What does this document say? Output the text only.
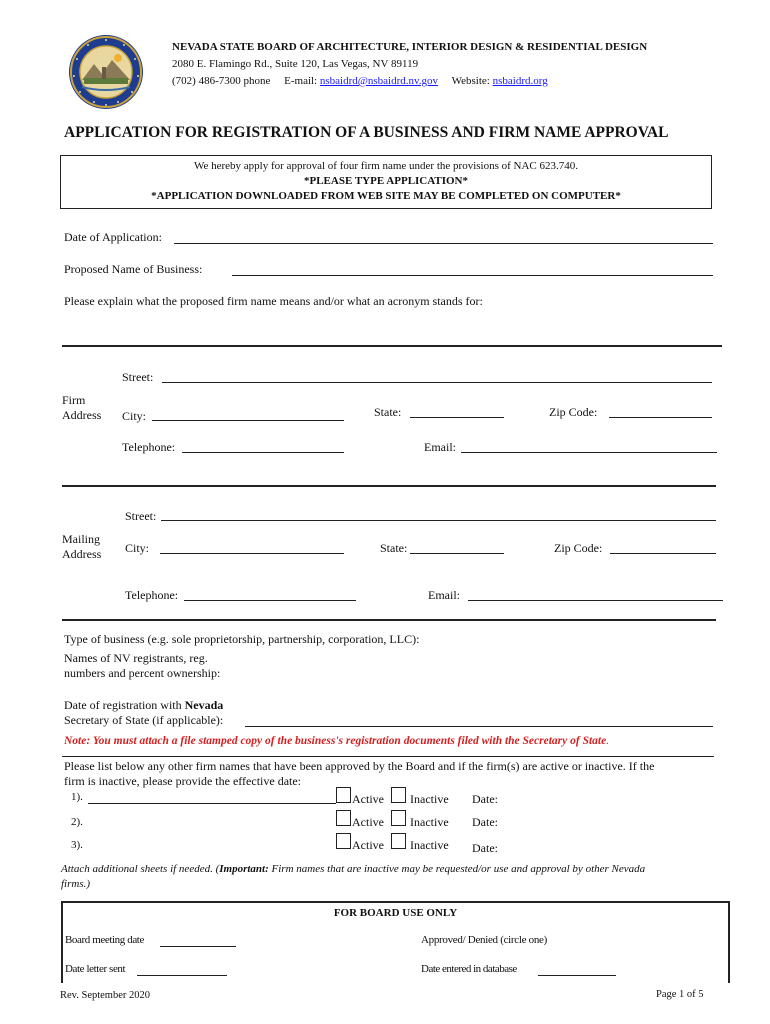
NEVADA STATE BOARD OF ARCHITECTURE, INTERIOR DESIGN & RESIDENTIAL DESIGN
2080 E. Flamingo Rd., Suite 120, Las Vegas, NV 89119
(702) 486-7300 phone E-mail: nsbaidrd@nsbaidrd.nv.gov Website: nsbaidrd.org
APPLICATION FOR REGISTRATION OF A BUSINESS AND FIRM NAME APPROVAL
We hereby apply for approval of four firm name under the provisions of NAC 623.740.
*PLEASE TYPE APPLICATION*
*APPLICATION DOWNLOADED FROM WEB SITE MAY BE COMPLETED ON COMPUTER*
Date of Application:
Proposed Name of Business:
Please explain what the proposed firm name means and/or what an acronym stands for:
Firm
Address
Street:
City:	State:	Zip Code:
Telephone:	Email:
Mailing
Address
Street:
City:	State:	Zip Code:
Telephone:	Email:
Type of business (e.g. sole proprietorship, partnership, corporation, LLC):
Names of NV registrants, reg.
numbers and percent ownership:
Date of registration with Nevada
Secretary of State (if applicable):
Note: You must attach a file stamped copy of the business's registration documents filed with the Secretary of State.
Please list below any other firm names that have been approved by the Board and if the firm(s) are active or inactive. If the
firm is inactive, please provide the effective date:
1).	Active Inactive Date:
2).	Active Inactive Date:
3).	Active Inactive Date:
Attach additional sheets if needed. (Important: Firm names that are inactive may be requested/or use and approval by other Nevada
firms.)
FOR BOARD USE ONLY
Board meeting date	Approved/ Denied (circle one)
Date letter sent	Date entered in database
Rev. September 2020	Page 1 of 5
